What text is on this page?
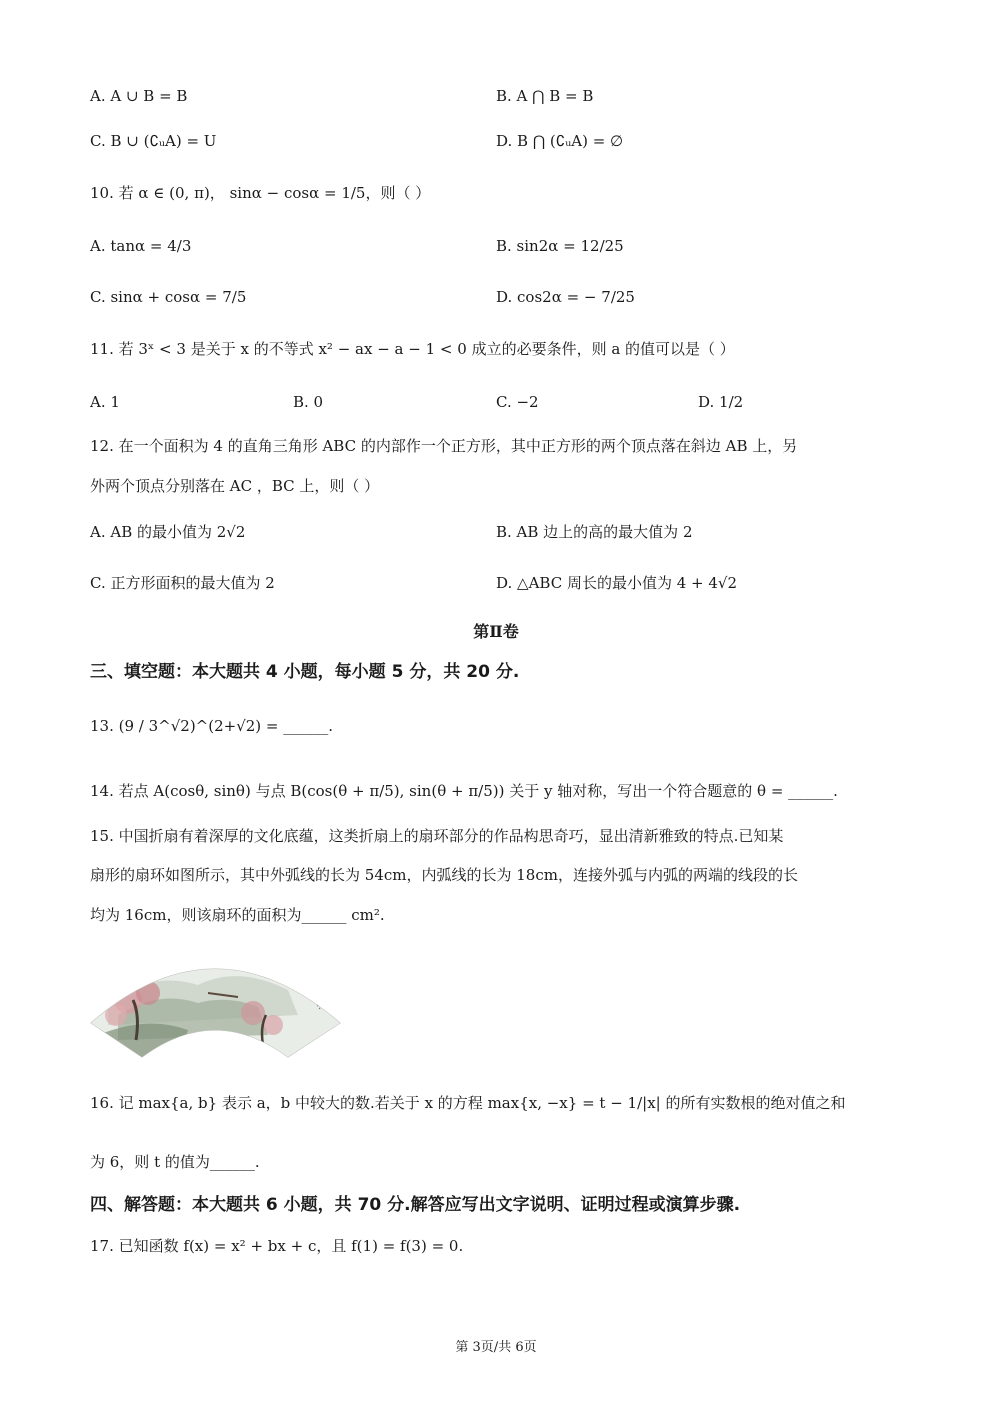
A. A ∪ B = B	B. A ⋂ B = B
C. B ∪ (∁ᵤA) = U	D. B ⋂ (∁ᵤA) = ∅
10. 若 α ∈ (0, π)， sinα − cosα = 1/5，则（ ）
A. tanα = 4/3	B. sin2α = 12/25
C. sinα + cosα = 7/5	D. cos2α = − 7/25
11. 若 3ˣ < 3 是关于 x 的不等式 x² − ax − a − 1 < 0 成立的必要条件，则 a 的值可以是（ ）
A. 1	B. 0	C. −2	D. 1/2
12. 在一个面积为 4 的直角三角形 ABC 的内部作一个正方形，其中正方形的两个顶点落在斜边 AB 上，另
外两个顶点分别落在 AC ，BC 上，则（ ）
A. AB 的最小值为 2√2	B. AB 边上的高的最大值为 2
C. 正方形面积的最大值为 2	D. △ABC 周长的最小值为 4 + 4√2
第Ⅱ卷
三、填空题：本大题共 4 小题，每小题 5 分，共 20 分.
13. (9 / 3^√2)^(2+√2) = ______.
14. 若点 A(cosθ, sinθ) 与点 B(cos(θ + π/5), sin(θ + π/5)) 关于 y 轴对称，写出一个符合题意的 θ = ______.
15. 中国折扇有着深厚的文化底蕴，这类折扇上的扇环部分的作品构思奇巧，显出清新雅致的特点.已知某
扇形的扇环如图所示，其中外弧线的长为 54cm，内弧线的长为 18cm，连接外弧与内弧的两端的线段的长
均为 16cm，则该扇环的面积为______ cm².
16. 记 max{a, b} 表示 a，b 中较大的数.若关于 x 的方程 max{x, −x} = t − 1/|x| 的所有实数根的绝对值之和
为 6，则 t 的值为______.
四、解答题：本大题共 6 小题，共 70 分.解答应写出文字说明、证明过程或演算步骤.
17. 已知函数 f(x) = x² + bx + c，且 f(1) = f(3) = 0.
第 3页/共 6页
